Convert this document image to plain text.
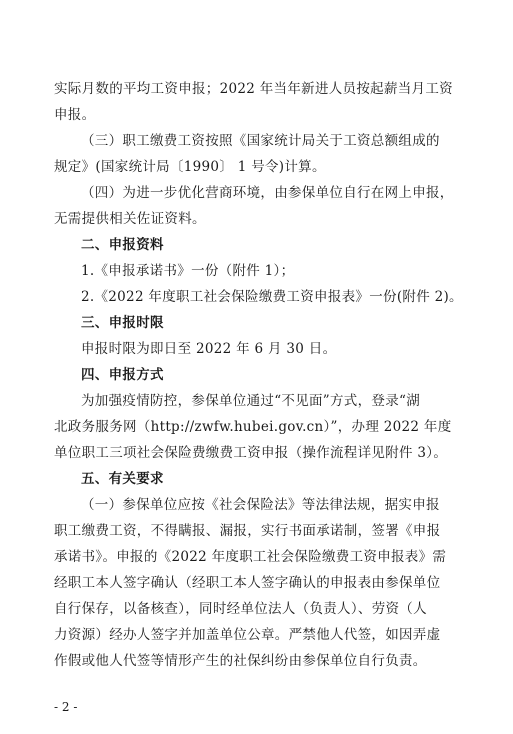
实际月数的平均工资申报；2022 年当年新进人员按起薪当月工资
申报。
（三）职工缴费工资按照《国家统计局关于工资总额组成的
规定》(国家统计局〔1990〕 1 号令)计算。
（四）为进一步优化营商环境，由参保单位自行在网上申报，
无需提供相关佐证资料。
二、申报资料
1.《申报承诺书》一份（附件 1）；
2.《2022 年度职工社会保险缴费工资申报表》一份(附件 2)。
三、申报时限
申报时限为即日至 2022 年 6 月 30 日。
四、申报方式
为加强疫情防控，参保单位通过“不见面”方式，登录“湖
北政务服务网（http://zwfw.hubei.gov.cn）”，办理 2022 年度
单位职工三项社会保险费缴费工资申报（操作流程详见附件 3）。
五、有关要求
（一）参保单位应按《社会保险法》等法律法规，据实申报
职工缴费工资，不得瞒报、漏报，实行书面承诺制，签署《申报
承诺书》。申报的《2022 年度职工社会保险缴费工资申报表》需
经职工本人签字确认（经职工本人签字确认的申报表由参保单位
自行保存，以备核查），同时经单位法人（负责人）、劳资（人
力资源）经办人签字并加盖单位公章。严禁他人代签，如因弄虚
作假或他人代签等情形产生的社保纠纷由参保单位自行负责。
- 2 -
